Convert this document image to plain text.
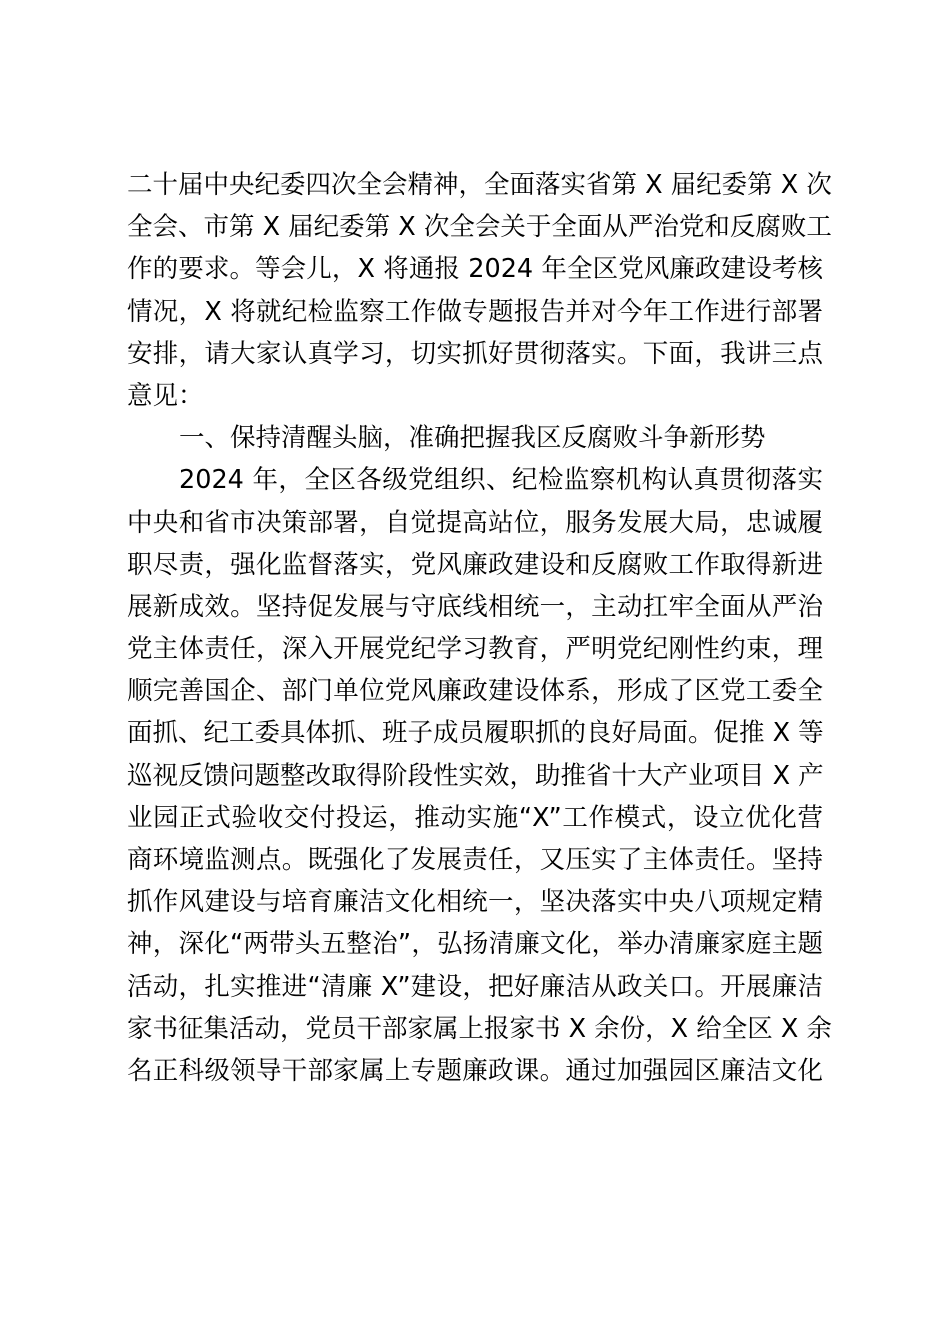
二十届中央纪委四次全会精神，全面落实省第 X 届纪委第 X 次
全会、市第 X 届纪委第 X 次全会关于全面从严治党和反腐败工
作的要求。等会儿，X 将通报 2024 年全区党风廉政建设考核
情况，X 将就纪检监察工作做专题报告并对今年工作进行部署
安排，请大家认真学习，切实抓好贯彻落实。下面，我讲三点
意见：
一、保持清醒头脑，准确把握我区反腐败斗争新形势
2024 年，全区各级党组织、纪检监察机构认真贯彻落实
中央和省市决策部署，自觉提高站位，服务发展大局，忠诚履
职尽责，强化监督落实，党风廉政建设和反腐败工作取得新进
展新成效。坚持促发展与守底线相统一，主动扛牢全面从严治
党主体责任，深入开展党纪学习教育，严明党纪刚性约束，理
顺完善国企、部门单位党风廉政建设体系，形成了区党工委全
面抓、纪工委具体抓、班子成员履职抓的良好局面。促推 X 等
巡视反馈问题整改取得阶段性实效，助推省十大产业项目 X 产
业园正式验收交付投运，推动实施“X”工作模式，设立优化营
商环境监测点。既强化了发展责任，又压实了主体责任。坚持
抓作风建设与培育廉洁文化相统一，坚决落实中央八项规定精
神，深化“两带头五整治”，弘扬清廉文化，举办清廉家庭主题
活动，扎实推进“清廉 X”建设，把好廉洁从政关口。开展廉洁
家书征集活动，党员干部家属上报家书 X 余份，X 给全区 X 余
名正科级领导干部家属上专题廉政课。通过加强园区廉洁文化
